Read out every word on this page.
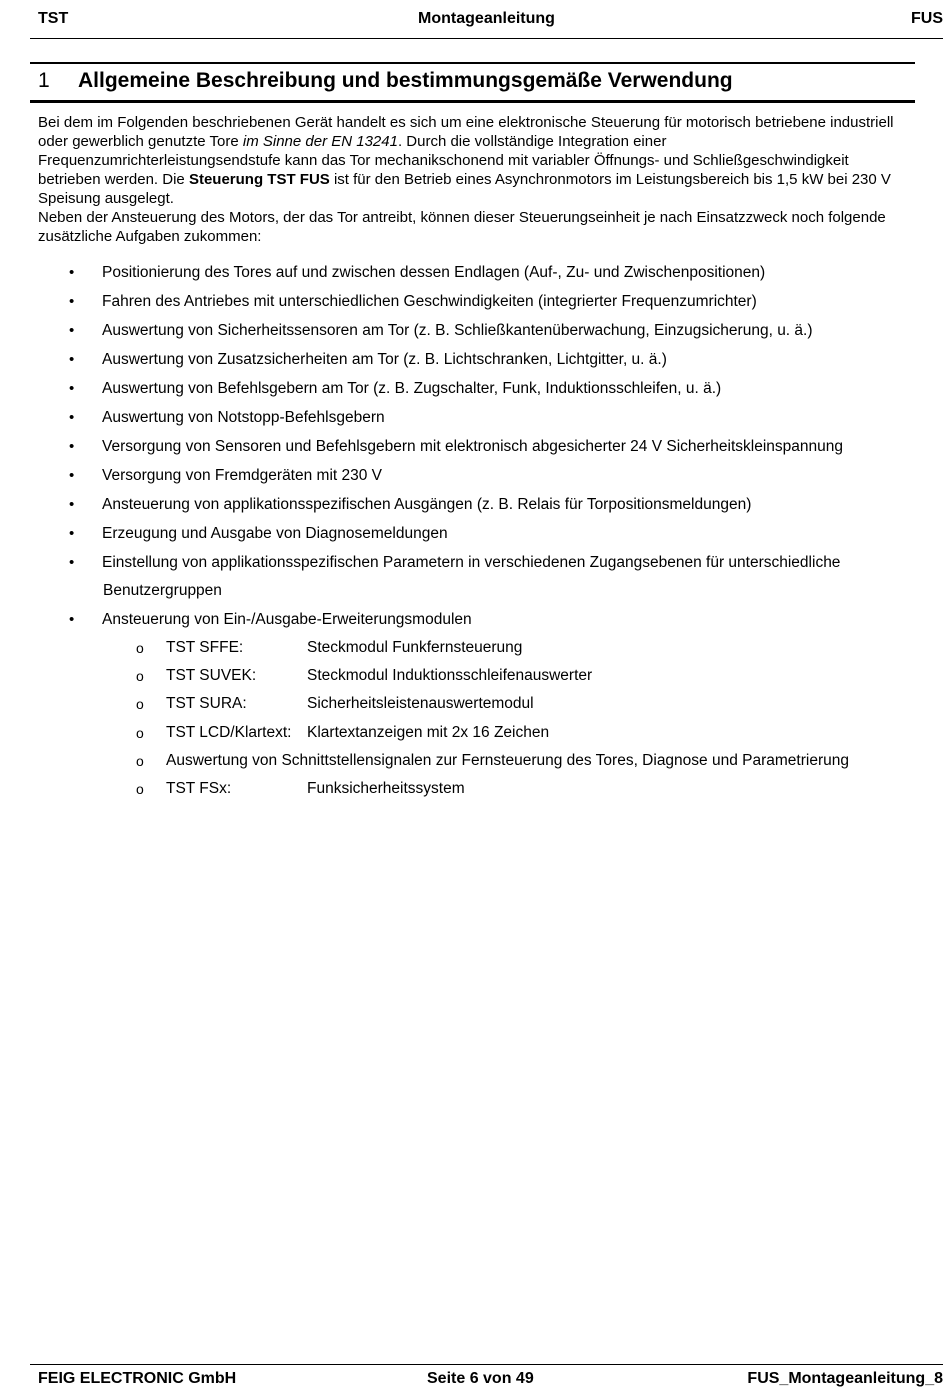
TST	Montageanleitung	FUS
1 Allgemeine Beschreibung und bestimmungsgemäße Verwendung

Bei dem im Folgenden beschriebenen Gerät handelt es sich um eine elektronische Steuerung für motorisch betriebene industriell oder gewerblich genutzte Tore im Sinne der EN 13241. Durch die vollständige Integration einer Frequenzumrichterleistungsendstufe kann das Tor mechanikschonend mit variabler Öffnungs- und Schließgeschwindigkeit betrieben werden. Die Steuerung TST FUS ist für den Betrieb eines Asynchronmotors im Leistungsbereich bis 1,5 kW bei 230 V Speisung ausgelegt.

Neben der Ansteuerung des Motors, der das Tor antreibt, können dieser Steuerungseinheit je nach Einsatzzweck noch folgende zusätzliche Aufgaben zukommen:

• Positionierung des Tores auf und zwischen dessen Endlagen (Auf-, Zu- und Zwischenpositionen)
• Fahren des Antriebes mit unterschiedlichen Geschwindigkeiten (integrierter Frequenzumrichter)
• Auswertung von Sicherheitssensoren am Tor (z. B. Schließkantenüberwachung, Einzugsicherung, u. ä.)
• Auswertung von Zusatzsicherheiten am Tor (z. B. Lichtschranken, Lichtgitter, u. ä.)
• Auswertung von Befehlsgebern am Tor (z. B. Zugschalter, Funk, Induktionsschleifen, u. ä.)
• Auswertung von Notstopp-Befehlsgebern
• Versorgung von Sensoren und Befehlsgebern mit elektronisch abgesicherter 24 V Sicherheitskleinspannung
• Versorgung von Fremdgeräten mit 230 V
• Ansteuerung von applikationsspezifischen Ausgängen (z. B. Relais für Torpositionsmeldungen)
• Erzeugung und Ausgabe von Diagnosemeldungen
• Einstellung von applikationsspezifischen Parametern in verschiedenen Zugangsebenen für unterschiedliche
Benutzergruppen
• Ansteuerung von Ein-/Ausgabe-Erweiterungsmodulen
o TST SFFE:	Steckmodul Funkfernsteuerung
o TST SUVEK:	Steckmodul Induktionsschleifenauswerter
o TST SURA:	Sicherheitsleistenauswertemodul
o TST LCD/Klartext: Klartextanzeigen mit 2x 16 Zeichen
o Auswertung von Schnittstellensignalen zur Fernsteuerung des Tores, Diagnose und Parametrierung
o TST FSx:	Funksicherheitssystem
FEIG ELECTRONIC GmbH	Seite 6 von 49	FUS_Montageanleitung_8
